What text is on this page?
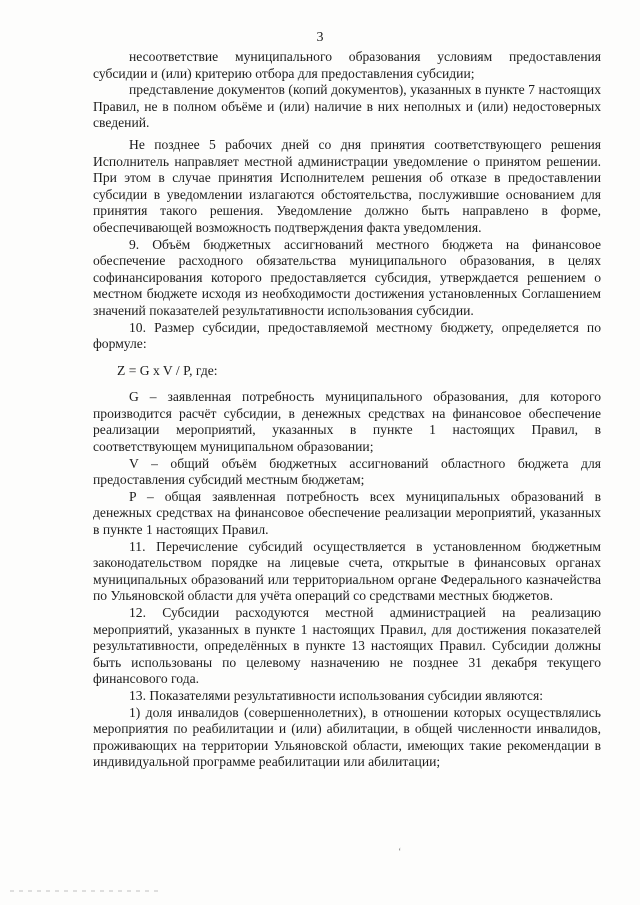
3

несоответствие муниципального образования условиям предоставления субсидии и (или) критерию отбора для предоставления субсидии;

представление документов (копий документов), указанных в пункте 7 настоящих Правил, не в полном объёме и (или) наличие в них неполных и (или) недостоверных сведений.

Не позднее 5 рабочих дней со дня принятия соответствующего решения Исполнитель направляет местной администрации уведомление о принятом решении. При этом в случае принятия Исполнителем решения об отказе в предоставлении субсидии в уведомлении излагаются обстоятельства, послужившие основанием для принятия такого решения. Уведомление должно быть направлено в форме, обеспечивающей возможность подтверждения факта уведомления.

9. Объём бюджетных ассигнований местного бюджета на финансовое обеспечение расходного обязательства муниципального образования, в целях софинансирования которого предоставляется субсидия, утверждается решением о местном бюджете исходя из необходимости достижения установленных Соглашением значений показателей результативности использования субсидии.

10. Размер субсидии, предоставляемой местному бюджету, определяется по формуле:

Z = G x V / P, где:

G – заявленная потребность муниципального образования, для которого производится расчёт субсидии, в денежных средствах на финансовое обеспечение реализации мероприятий, указанных в пункте 1 настоящих Правил, в соответствующем муниципальном образовании;

V – общий объём бюджетных ассигнований областного бюджета для предоставления субсидий местным бюджетам;

P – общая заявленная потребность всех муниципальных образований в денежных средствах на финансовое обеспечение реализации мероприятий, указанных в пункте 1 настоящих Правил.

11. Перечисление субсидий осуществляется в установленном бюджетным законодательством порядке на лицевые счета, открытые в финансовых органах муниципальных образований или территориальном органе Федерального казначейства по Ульяновской области для учёта операций со средствами местных бюджетов.

12. Субсидии расходуются местной администрацией на реализацию мероприятий, указанных в пункте 1 настоящих Правил, для достижения показателей результативности, определённых в пункте 13 настоящих Правил. Субсидии должны быть использованы по целевому назначению не позднее 31 декабря текущего финансового года.

13. Показателями результативности использования субсидии являются:

1) доля инвалидов (совершеннолетних), в отношении которых осуществлялись мероприятия по реабилитации и (или) абилитации, в общей численности инвалидов, проживающих на территории Ульяновской области, имеющих такие рекомендации в индивидуальной программе реабилитации или абилитации;

‘
